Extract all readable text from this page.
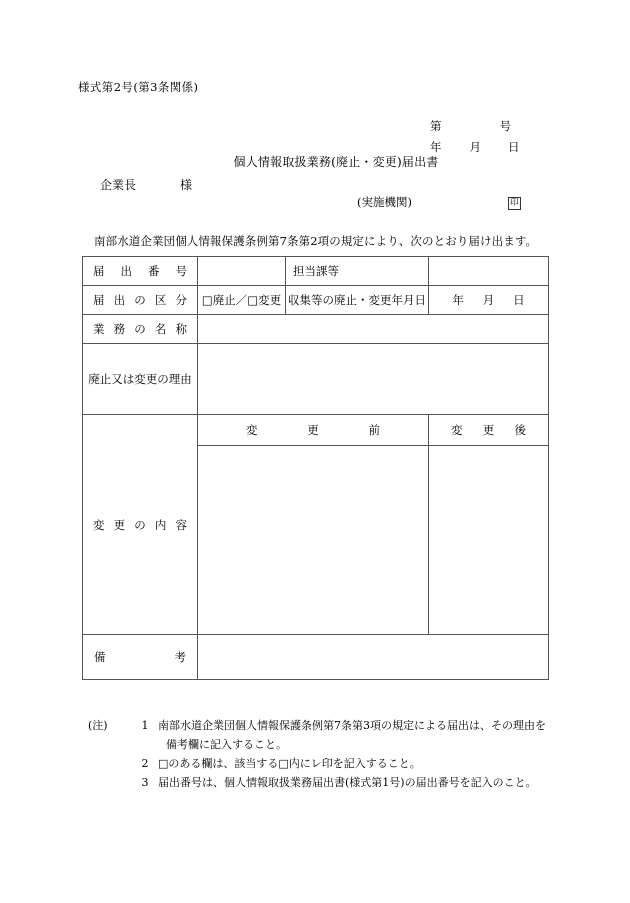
様式第2号(第3条関係)
第	号
年 月 日
個人情報取扱業務(廃止・変更)届出書
企業長	様
(実施機関)	印
南部水道企業団個人情報保護条例第7条第2項の規定により、次のとおり届け出ます。
届 出 番 号		担当課等	

届 出 の 区 分	□廃止／□変更	収集等の廃止・変更年月日	年 月 日

業 務 の 名 称			

廃止又は変更の理由			

変 更 の 内 容	変 更 前		変 更 後

備 考			

(注)	1 南部水道企業団個人情報保護条例第7条第3項の規定による届出は、その理由を
備考欄に記入すること。
2 □のある欄は、該当する□内にレ印を記入すること。
3 届出番号は、個人情報取扱業務届出書(様式第1号)の届出番号を記入のこと。
